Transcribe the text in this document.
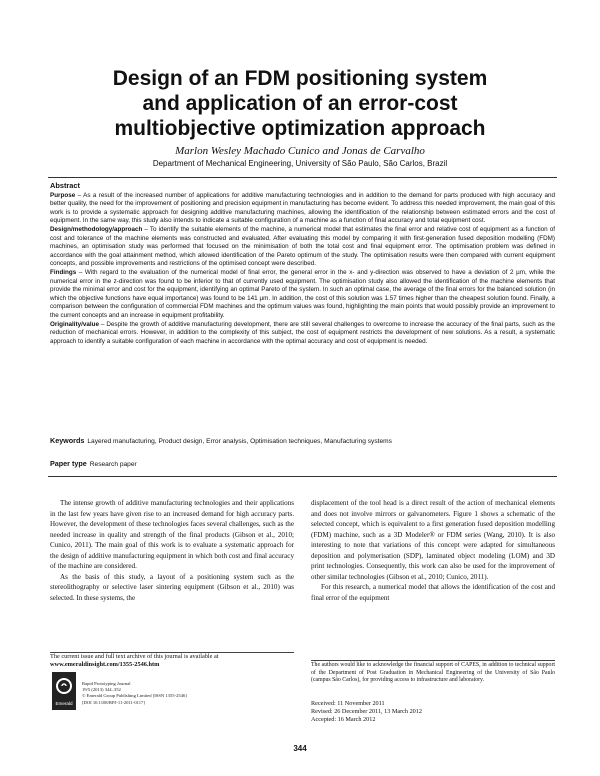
Design of an FDM positioning system
and application of an error-cost
multiobjective optimization approach
Marlon Wesley Machado Cunico and Jonas de Carvalho
Department of Mechanical Engineering, University of São Paulo, São Carlos, Brazil
Abstract

Purpose – As a result of the increased number of applications for additive manufacturing technologies and in addition to the demand for parts produced with high accuracy and better quality, the need for the improvement of positioning and precision equipment in manufacturing has become evident. To address this needed improvement, the main goal of this work is to provide a systematic approach for designing additive manufacturing machines, allowing the identification of the relationship between estimated errors and the cost of equipment. In the same way, this study also intends to indicate a suitable configuration of a machine as a function of final accuracy and total equipment cost.

Design/methodology/approach – To identify the suitable elements of the machine, a numerical model that estimates the final error and relative cost of equipment as a function of cost and tolerance of the machine elements was constructed and evaluated. After evaluating this model by comparing it with first-generation fused deposition modelling (FDM) machines, an optimisation study was performed that focused on the minimisation of both the total cost and final equipment error. The optimisation problem was defined in accordance with the goal attainment method, which allowed identification of the Pareto optimum of the study. The optimisation results were then compared with current equipment concepts, and possible improvements and restrictions of the optimised concept were described.

Findings – With regard to the evaluation of the numerical model of final error, the general error in the x- and y-direction was observed to have a deviation of 2 µm, while the numerical error in the z-direction was found to be inferior to that of currently used equipment. The optimisation study also allowed the identification of the machine elements that provide the minimal error and cost for the equipment, identifying an optimal Pareto of the system. In such an optimal case, the average of the final errors for the balanced solution (in which the objective functions have equal importance) was found to be 141 µm. In addition, the cost of this solution was 1.57 times higher than the cheapest solution found. Finally, a comparison between the configuration of commercial FDM machines and the optimum values was found, highlighting the main points that would possibly provide an improvement to the current concepts and an increase in equipment profitability.

Originality/value – Despite the growth of additive manufacturing development, there are still several challenges to overcome to increase the accuracy of the final parts, such as the reduction of mechanical errors. However, in addition to the complexity of this subject, the cost of equipment restricts the development of new solutions. As a result, a systematic approach to identify a suitable configuration of each machine in accordance with the optimal accuracy and cost of equipment is needed.

Keywords Layered manufacturing, Product design, Error analysis, Optimisation techniques, Manufacturing systems
Paper type Research paper

The intense growth of additive manufacturing technologies and their applications in the last few years have given rise to an increased demand for high accuracy parts. However, the development of these technologies faces several challenges, such as the needed increase in quality and strength of the final products (Gibson et al., 2010; Cunico, 2011). The main goal of this work is to evaluate a systematic approach for the design of additive manufacturing equipment in which both cost and final accuracy of the machine are considered.

As the basis of this study, a layout of a positioning system such as the stereolithography or selective laser sintering equipment (Gibson et al., 2010) was selected. In these systems, the

displacement of the tool head is a direct result of the action of mechanical elements and does not involve mirrors or galvanometers. Figure 1 shows a schematic of the selected concept, which is equivalent to a first generation fused deposition modelling (FDM) machine, such as a 3D Modeler® or FDM series (Wang, 2010). It is also interesting to note that variations of this concept were adapted for simultaneous deposition and polymerisation (SDP), laminated object modeling (LOM) and 3D print technologies. Consequently, this work can also be used for the improvement of other similar technologies (Gibson et al., 2010; Cunico, 2011).

For this research, a numerical model that allows the identification of the cost and final error of the equipment

The current issue and full text archive of this journal is available at
www.emeraldinsight.com/1355-2546.htm
Emerald
Rapid Prototyping Journal
19/5 (2013) 344–352
© Emerald Group Publishing Limited [ISSN 1355-2546]
[DOI 10.1108/RPJ-11-2011-0117]
The authors would like to acknowledge the financial support of CAPES, in addition to technical support of the Department of Post Graduation in Mechanical Engineering of the University of São Paulo (campus São Carlos), for providing access to infrastructure and laboratory.
Received: 11 November 2011
Revised: 26 December 2011, 13 March 2012
Accepted: 16 March 2012
344
